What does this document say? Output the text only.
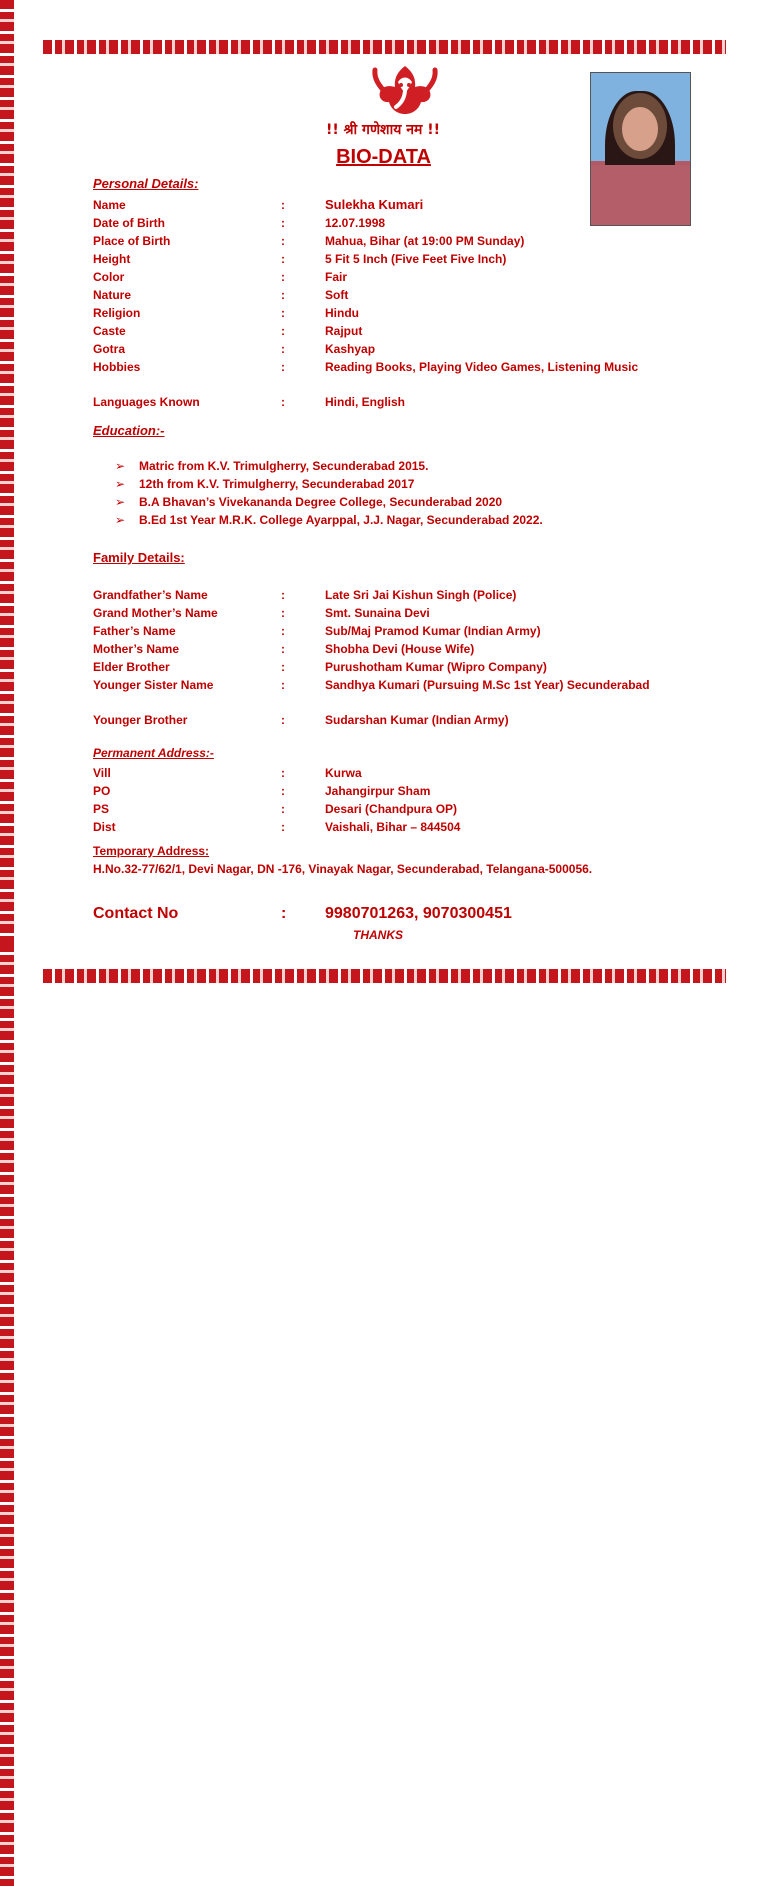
!! श्री गणेशाय नम !!
BIO-DATA
Personal Details:
Name	:	Sulekha Kumari
Date of Birth	:	12.07.1998
Place of Birth	:	Mahua, Bihar (at 19:00 PM Sunday)
Height	:	5 Fit 5 Inch (Five Feet Five Inch)
Color	:	Fair
Nature	:	Soft
Religion	:	Hindu
Caste	:	Rajput
Gotra	:	Kashyap
Hobbies	:	Reading Books, Playing Video Games, Listening Music
Languages Known	:	Hindi, English
Education:-
➢	Matric from K.V. Trimulgherry, Secunderabad 2015.
➢	12th from K.V. Trimulgherry, Secunderabad 2017
➢	B.A Bhavan’s Vivekananda Degree College, Secunderabad 2020
➢	B.Ed 1st Year M.R.K. College Ayarppal, J.J. Nagar, Secunderabad 2022.
Family Details:
Grandfather’s Name	:	Late Sri Jai Kishun Singh (Police)
Grand Mother’s Name	:	Smt. Sunaina Devi
Father’s Name	:	Sub/Maj Pramod Kumar (Indian Army)
Mother’s Name	:	Shobha Devi (House Wife)
Elder Brother	:	Purushotham Kumar (Wipro Company)
Younger Sister Name	:	Sandhya Kumari (Pursuing M.Sc 1st Year) Secunderabad
Younger Brother	:	Sudarshan Kumar (Indian Army)
Permanent Address:-
Vill	:	Kurwa
PO	:	Jahangirpur Sham
PS	:	Desari (Chandpura OP)
Dist	:	Vaishali, Bihar – 844504
Temporary Address:
H.No.32-77/62/1, Devi Nagar, DN -176, Vinayak Nagar, Secunderabad, Telangana-500056.
Contact No	: 9980701263, 9070300451
THANKS
